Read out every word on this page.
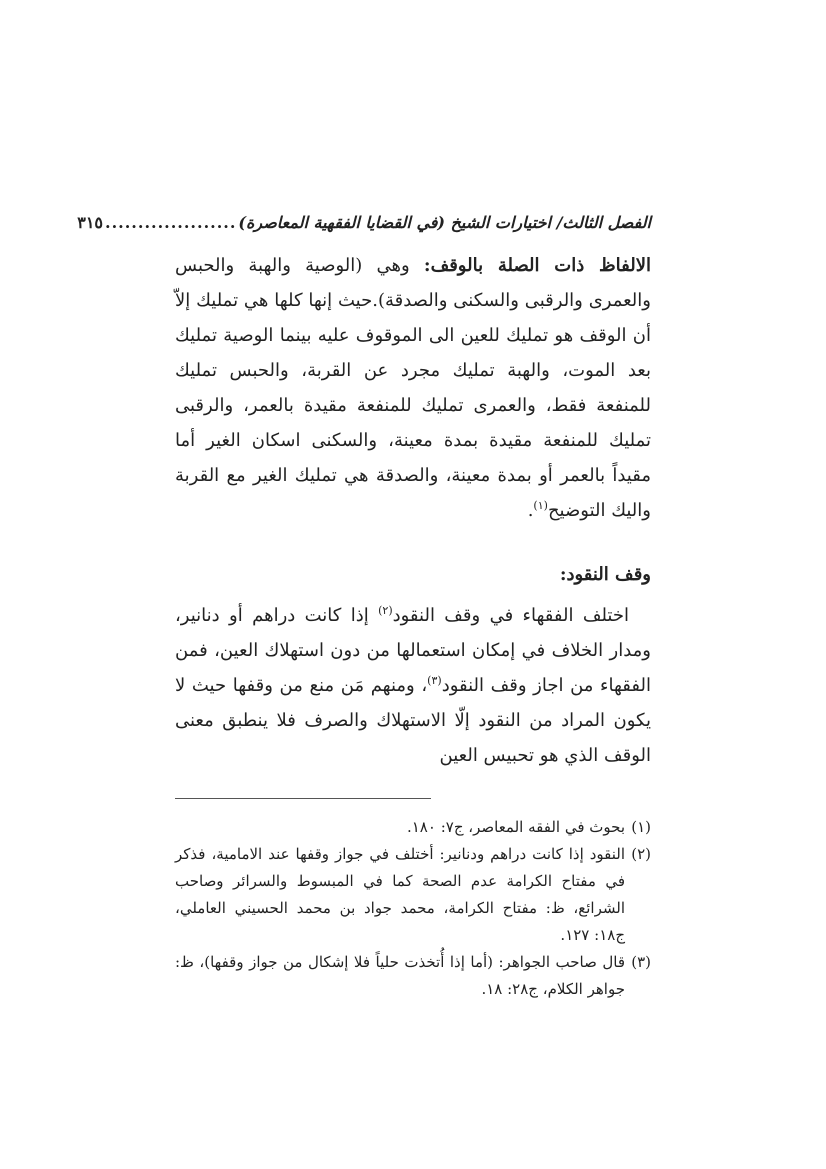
الفصل الثالث/ اختيارات الشيخ (في القضايا الفقهية المعاصرة)
....................
٣١٥

الالفاظ ذات الصلة بالوقف: وهي (الوصية والهبة والحبس والعمرى والرقبى والسكنى والصدقة).حيث إنها كلها هي تمليك إلاّ أن الوقف هو تمليك للعين الى الموقوف عليه بينما الوصية تمليك بعد الموت، والهبة تمليك مجرد عن القربة، والحبس تمليك للمنفعة فقط، والعمرى تمليك للمنفعة مقيدة بالعمر، والرقبى تمليك للمنفعة مقيدة بمدة معينة، والسكنى اسكان الغير أما مقيداً بالعمر أو بمدة معينة، والصدقة هي تمليك الغير مع القربة واليك التوضيح$^{(١)}$.

وقف النقود:

اختلف الفقهاء في وقف النقود$^{(٢)}$ إذا كانت دراهم أو دنانير، ومدار الخلاف في إمكان استعمالها من دون استهلاك العين، فمن الفقهاء من اجاز وقف النقود$^{(٣)}$، ومنهم مَن منع من وقفها حيث لا يكون المراد من النقود إلّا الاستهلاك والصرف فلا ينطبق معنى الوقف الذي هو تحبيس العين

(١)
بحوث في الفقه المعاصر، ج٧: ١٨٠.
(٢)
النقود إذا كانت دراهم ودنانير: أختلف في جواز وقفها عند الامامية، فذكر في مفتاح الكرامة عدم الصحة كما في المبسوط والسرائر وصاحب الشرائع، ظ: مفتاح الكرامة، محمد جواد بن محمد الحسيني العاملي، ج١٨: ١٢٧.
(٣)
قال صاحب الجواهر: (أما إذا أُتخذت حلياً فلا إشكال من جواز وقفها)، ظ: جواهر الكلام، ج٢٨: ١٨.
